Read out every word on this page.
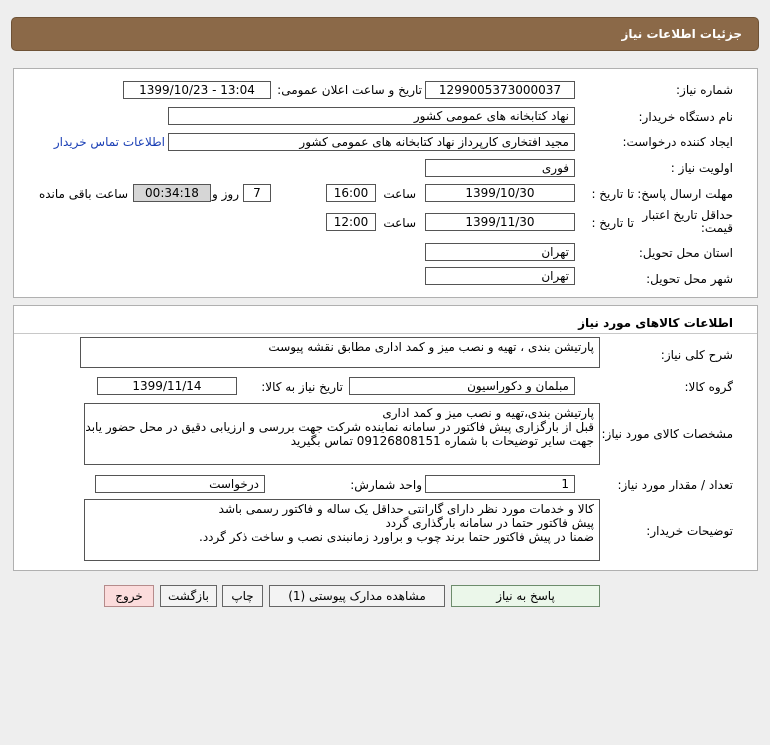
جزئیات اطلاعات نیاز
شماره نیاز:
1299005373000037
تاریخ و ساعت اعلان عمومی:
1399/10/23 - 13:04
نام دستگاه خریدار:
نهاد کتابخانه های عمومی کشور
ایجاد کننده درخواست:
مجید افتخاری کارپرداز نهاد کتابخانه های عمومی کشور
اطلاعات تماس خریدار
اولویت نیاز :
فوری
مهلت ارسال پاسخ:
تا تاریخ :
1399/10/30
ساعت
16:00
7
روز و
00:34:18
ساعت باقی مانده
حداقل تاریخ اعتبار
قیمت:
تا تاریخ :
1399/11/30
ساعت
12:00
استان محل تحویل:
تهران
شهر محل تحویل:
تهران
اطلاعات کالاهای مورد نیاز
شرح کلی نیاز:
پارتیشن بندی ، تهیه و نصب میز و کمد اداری مطابق نقشه پیوست
گروه کالا:
مبلمان و دکوراسیون
تاریخ نیاز به کالا:
1399/11/14
مشخصات کالای مورد نیاز:
پارتیشن بندی،تهیه و نصب میز و کمد اداری
قبل از بارگزاری پیش فاکتور در سامانه نماینده شرکت جهت بررسی و ارزیابی دقیق در محل حضور یابد
جهت سایر توضیحات با شماره 09126808151 تماس بگیرید
تعداد / مقدار مورد نیاز:
1
واحد شمارش:
درخواست
توضیحات خریدار:
کالا و خدمات مورد نظر دارای گارانتی حداقل یک ساله و فاکتور رسمی باشد
پیش فاکتور حتما در سامانه بارگذاری گردد
ضمنا در پیش فاکتور حتما برند چوب و براورد زمانبندی نصب و ساخت ذکر گردد.
پاسخ به نیاز
مشاهده مدارک پیوستی (1)
چاپ
بازگشت
خروج
